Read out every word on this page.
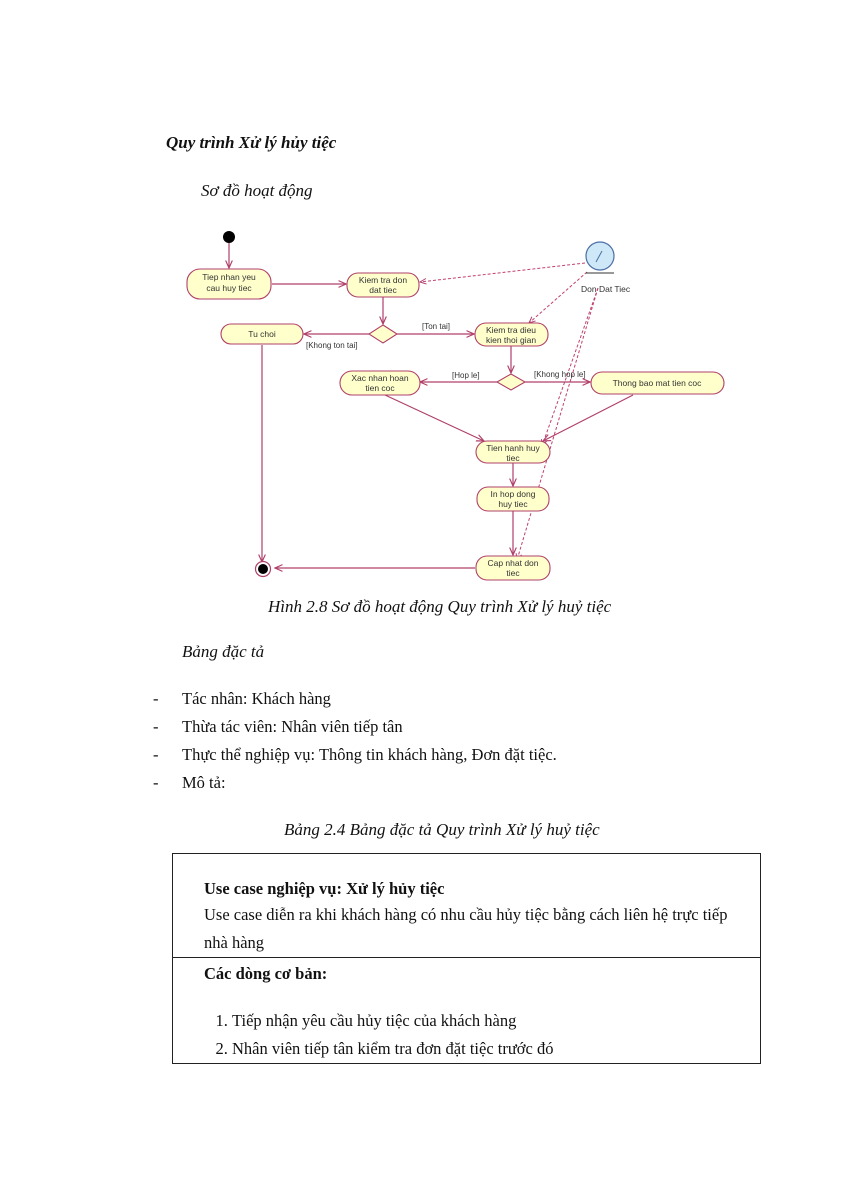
Quy trình Xử lý hủy tiệc
Sơ đồ hoạt động
Don Dat Tiec
Tiep nhan yeu
cau huy tiec
Kiem tra don
dat tiec
Tu choi	Kiem tra dieu
kien thoi gian
Xac nhan hoan
tien coc	Thong bao mat tien coc
Tien hanh huy
tiec
In hop dong
huy tiec
Cap nhat don
tiec
[Ton tai]
[Khong ton tai]
[Hop le]	[Khong hop le]
Hình 2.8 Sơ đồ hoạt động Quy trình Xử lý huỷ tiệc
Bảng đặc tả
- Tác nhân: Khách hàng
- Thừa tác viên: Nhân viên tiếp tân
- Thực thể nghiệp vụ: Thông tin khách hàng, Đơn đặt tiệc.
- Mô tả:
Bảng 2.4 Bảng đặc tả Quy trình Xử lý huỷ tiệc
Use case nghiệp vụ: Xử lý hủy tiệc
Use case diễn ra khi khách hàng có nhu cầu hủy tiệc bằng cách liên hệ trực tiếp nhà hàng

Các dòng cơ bản:
1. Tiếp nhận yêu cầu hủy tiệc của khách hàng
2. Nhân viên tiếp tân kiểm tra đơn đặt tiệc trước đó
